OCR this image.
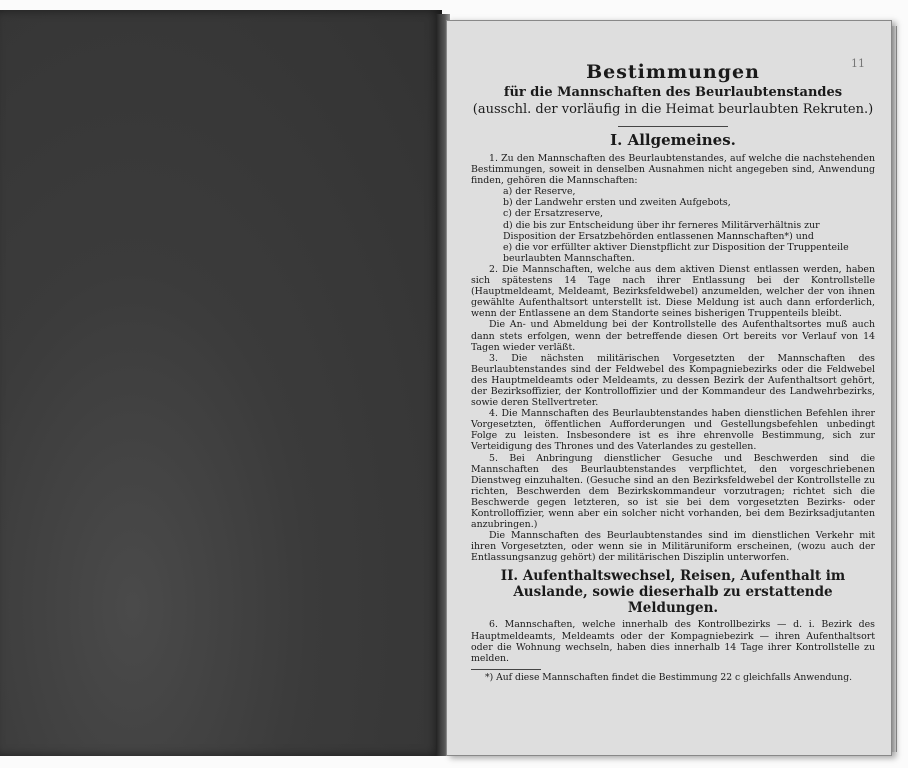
11

Bestimmungen

für die Mannschaften des Beurlaubtenstandes

(ausschl. der vorläufig in die Heimat beurlaubten Rekruten.)

I. Allgemeines.

1. Zu den Mannschaften des Beurlaubtenstandes, auf welche die nachstehenden Bestimmungen, soweit in denselben Ausnahmen nicht angegeben sind, Anwendung finden, gehören die Mannschaften:

a) der Reserve,
b) der Landwehr ersten und zweiten Aufgebots,
c) der Ersatzreserve,
d) die bis zur Entscheidung über ihr ferneres Militärverhältnis zur Disposition der Ersatzbehörden entlassenen Mannschaften*) und
e) die vor erfüllter aktiver Dienstpflicht zur Disposition der Truppenteile beurlaubten Mannschaften.

2. Die Mannschaften, welche aus dem aktiven Dienst entlassen werden, haben sich spätestens 14 Tage nach ihrer Entlassung bei der Kontrollstelle (Hauptmeldeamt, Meldeamt, Bezirksfeldwebel) anzumelden, welcher der von ihnen gewählte Aufenthaltsort unterstellt ist. Diese Meldung ist auch dann erforderlich, wenn der Entlassene an dem Standorte seines bisherigen Truppenteils bleibt.

Die An- und Abmeldung bei der Kontrollstelle des Aufenthaltsortes muß auch dann stets erfolgen, wenn der betreffende diesen Ort bereits vor Verlauf von 14 Tagen wieder verläßt.

3. Die nächsten militärischen Vorgesetzten der Mannschaften des Beurlaubtenstandes sind der Feldwebel des Kompagniebezirks oder die Feldwebel des Hauptmeldeamts oder Meldeamts, zu dessen Bezirk der Aufenthaltsort gehört, der Bezirksoffizier, der Kontrolloffizier und der Kommandeur des Landwehrbezirks, sowie deren Stellvertreter.

4. Die Mannschaften des Beurlaubtenstandes haben dienstlichen Befehlen ihrer Vorgesetzten, öffentlichen Aufforderungen und Gestellungsbefehlen unbedingt Folge zu leisten. Insbesondere ist es ihre ehrenvolle Bestimmung, sich zur Verteidigung des Thrones und des Vaterlandes zu gestellen.

5. Bei Anbringung dienstlicher Gesuche und Beschwerden sind die Mannschaften des Beurlaubtenstandes verpflichtet, den vorgeschriebenen Dienstweg einzuhalten. (Gesuche sind an den Bezirksfeldwebel der Kontrollstelle zu richten, Beschwerden dem Bezirkskommandeur vorzutragen; richtet sich die Beschwerde gegen letzteren, so ist sie bei dem vorgesetzten Bezirks- oder Kontrolloffizier, wenn aber ein solcher nicht vorhanden, bei dem Bezirksadjutanten anzubringen.)

Die Mannschaften des Beurlaubtenstandes sind im dienstlichen Verkehr mit ihren Vorgesetzten, oder wenn sie in Militäruniform erscheinen, (wozu auch der Entlassungsanzug gehört) der militärischen Disziplin unterworfen.

II. Aufenthaltswechsel, Reisen, Aufenthalt im Auslande, sowie dieserhalb zu erstattende Meldungen.

6. Mannschaften, welche innerhalb des Kontrollbezirks — d. i. Bezirk des Hauptmeldeamts, Meldeamts oder der Kompagniebezirk — ihren Aufenthaltsort oder die Wohnung wechseln, haben dies innerhalb 14 Tage ihrer Kontrollstelle zu melden.

*) Auf diese Mannschaften findet die Bestimmung 22 c gleichfalls Anwendung.
